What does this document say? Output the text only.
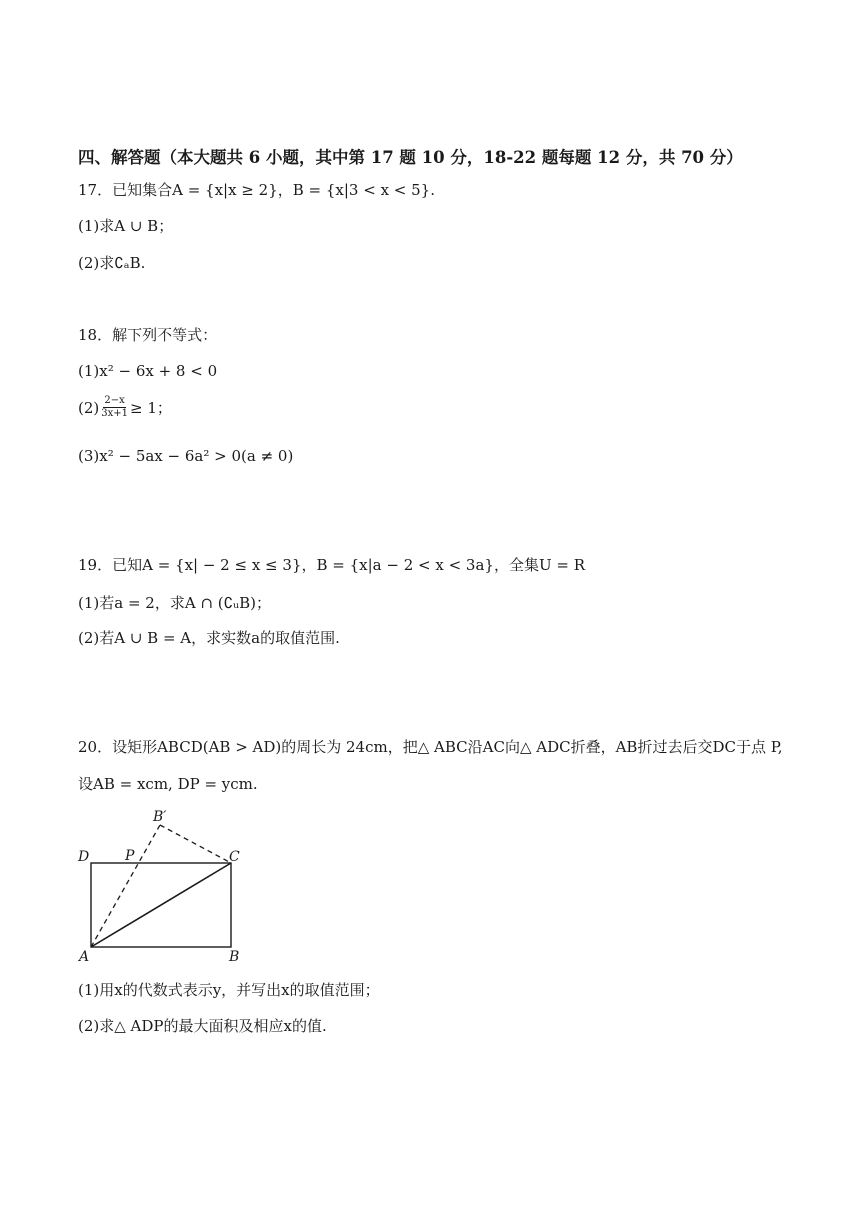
四、解答题（本大题共 6 小题，其中第 17 题 10 分，18-22 题每题 12 分，共 70 分）
17．已知集合A = {x|x ≥ 2}，B = {x|3 < x < 5}.
(1)求A ∪ B；
(2)求∁ₐB.
18．解下列不等式：
(1)x² − 6x + 8 < 0
$(2) \frac{2-x}{3x+1} \ge 1$；
(3)x² − 5ax − 6a² > 0(a ≠ 0)
19．已知A = {x| − 2 ≤ x ≤ 3}，B = {x|a − 2 < x < 3a}，全集U = R
(1)若a = 2，求A ∩ (∁ᵤB)；
(2)若A ∪ B = A，求实数a的取值范围.
20．设矩形ABCD(AB > AD)的周长为 24cm，把△ ABC沿AC向△ ADC折叠，AB折过去后交DC于点 P,
设AB = xcm, DP = ycm.
B′
D	P	C
A	B
(1)用x的代数式表示y，并写出x的取值范围；
(2)求△ ADP的最大面积及相应x的值.
